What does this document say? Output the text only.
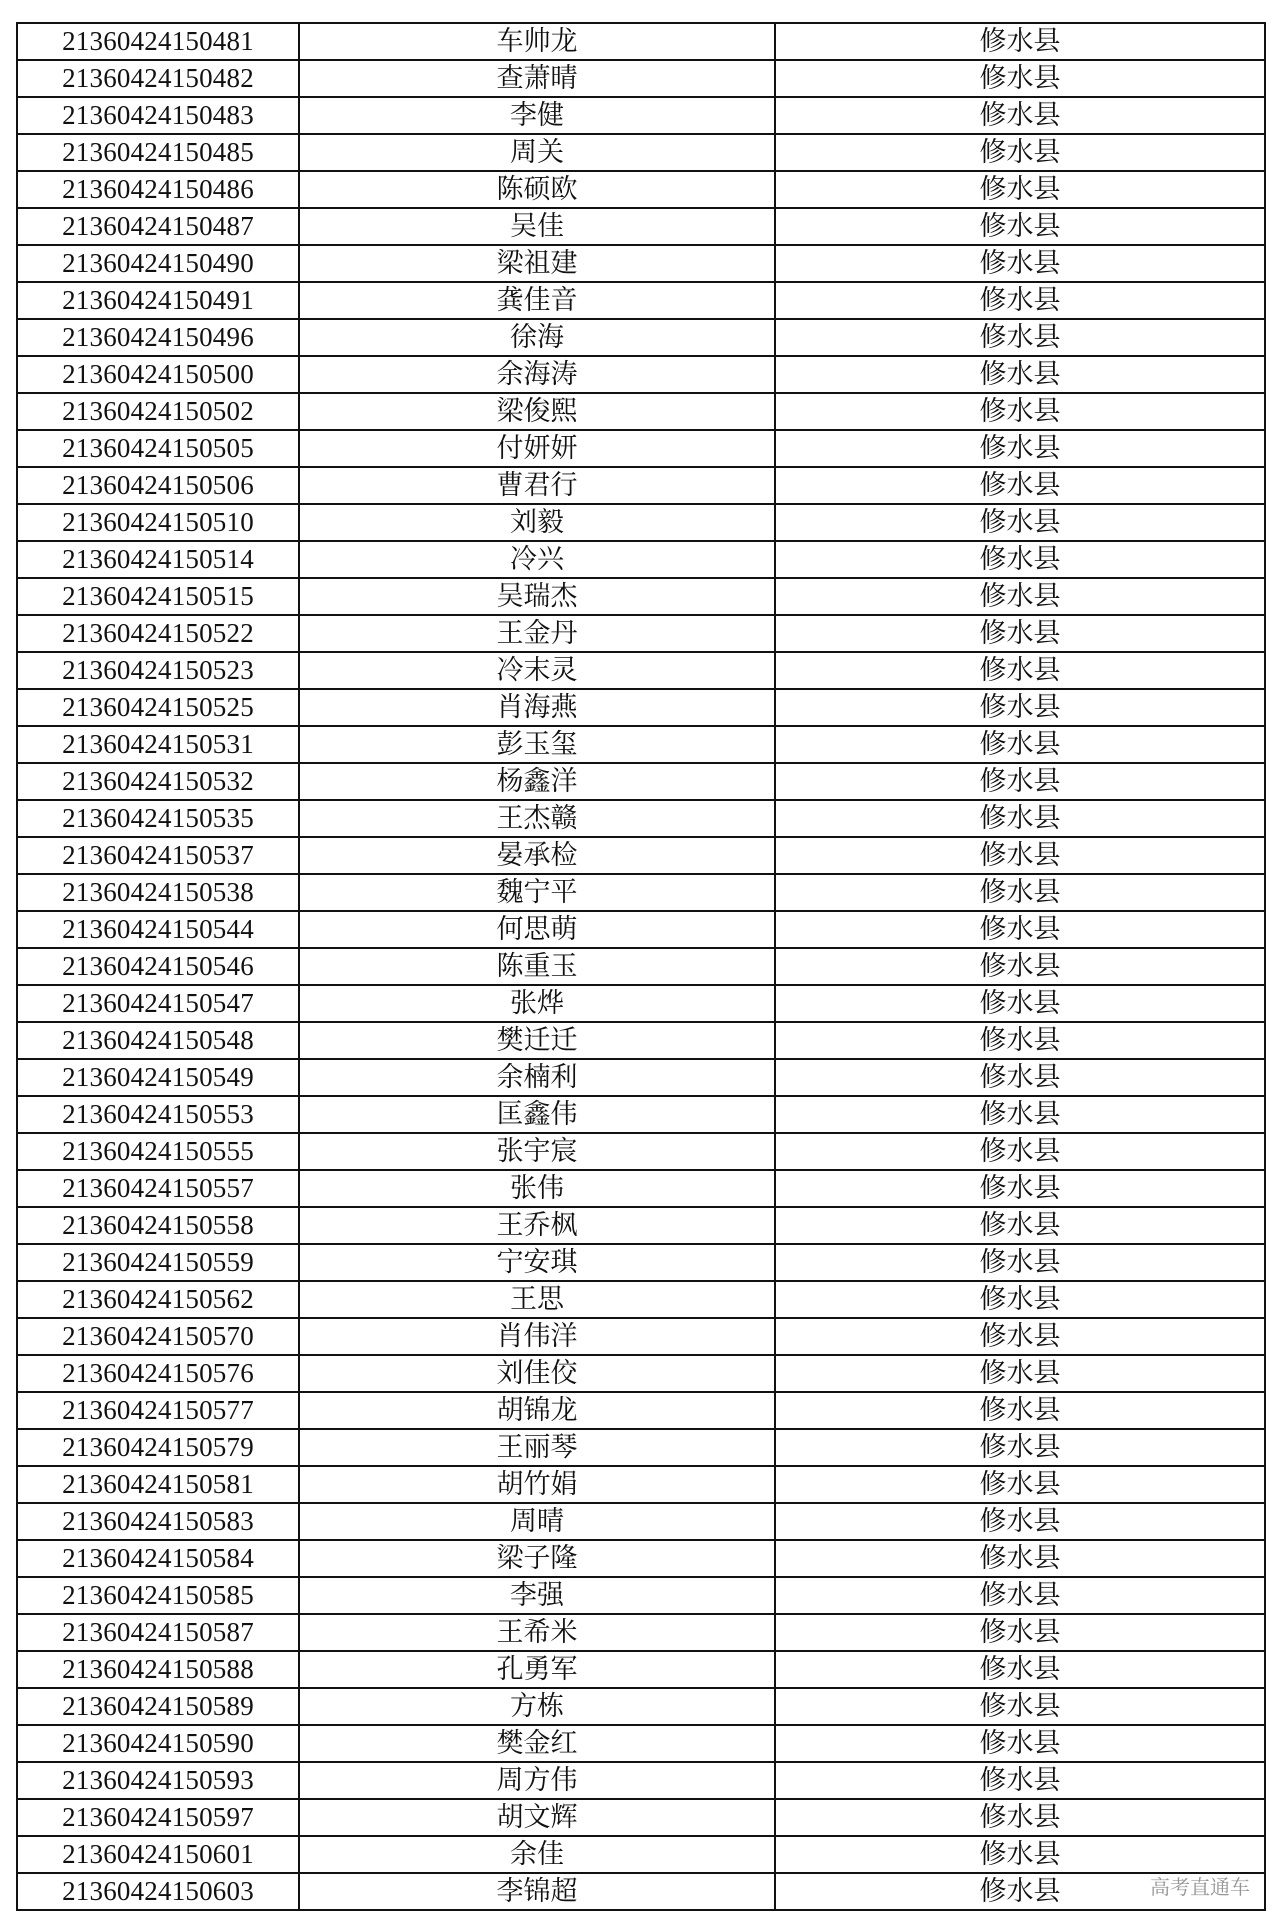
21360424150481	车帅龙	修水县
21360424150482	查萧晴	修水县
21360424150483	李健	修水县
21360424150485	周关	修水县
21360424150486	陈硕欧	修水县
21360424150487	吴佳	修水县
21360424150490	梁祖建	修水县
21360424150491	龚佳音	修水县
21360424150496	徐海	修水县
21360424150500	余海涛	修水县
21360424150502	梁俊熙	修水县
21360424150505	付妍妍	修水县
21360424150506	曹君行	修水县
21360424150510	刘毅	修水县
21360424150514	冷兴	修水县
21360424150515	吴瑞杰	修水县
21360424150522	王金丹	修水县
21360424150523	冷末灵	修水县
21360424150525	肖海燕	修水县
21360424150531	彭玉玺	修水县
21360424150532	杨鑫洋	修水县
21360424150535	王杰赣	修水县
21360424150537	晏承检	修水县
21360424150538	魏宁平	修水县
21360424150544	何思萌	修水县
21360424150546	陈重玉	修水县
21360424150547	张烨	修水县
21360424150548	樊迁迁	修水县
21360424150549	余楠利	修水县
21360424150553	匡鑫伟	修水县
21360424150555	张宇宸	修水县
21360424150557	张伟	修水县
21360424150558	王乔枫	修水县
21360424150559	宁安琪	修水县
21360424150562	王思	修水县
21360424150570	肖伟洋	修水县
21360424150576	刘佳佼	修水县
21360424150577	胡锦龙	修水县
21360424150579	王丽琴	修水县
21360424150581	胡竹娟	修水县
21360424150583	周晴	修水县
21360424150584	梁子隆	修水县
21360424150585	李强	修水县
21360424150587	王希米	修水县
21360424150588	孔勇军	修水县
21360424150589	方栋	修水县
21360424150590	樊金红	修水县
21360424150593	周方伟	修水县
21360424150597	胡文辉	修水县
21360424150601	余佳	修水县
21360424150603	李锦超	修水县	高考直通车
